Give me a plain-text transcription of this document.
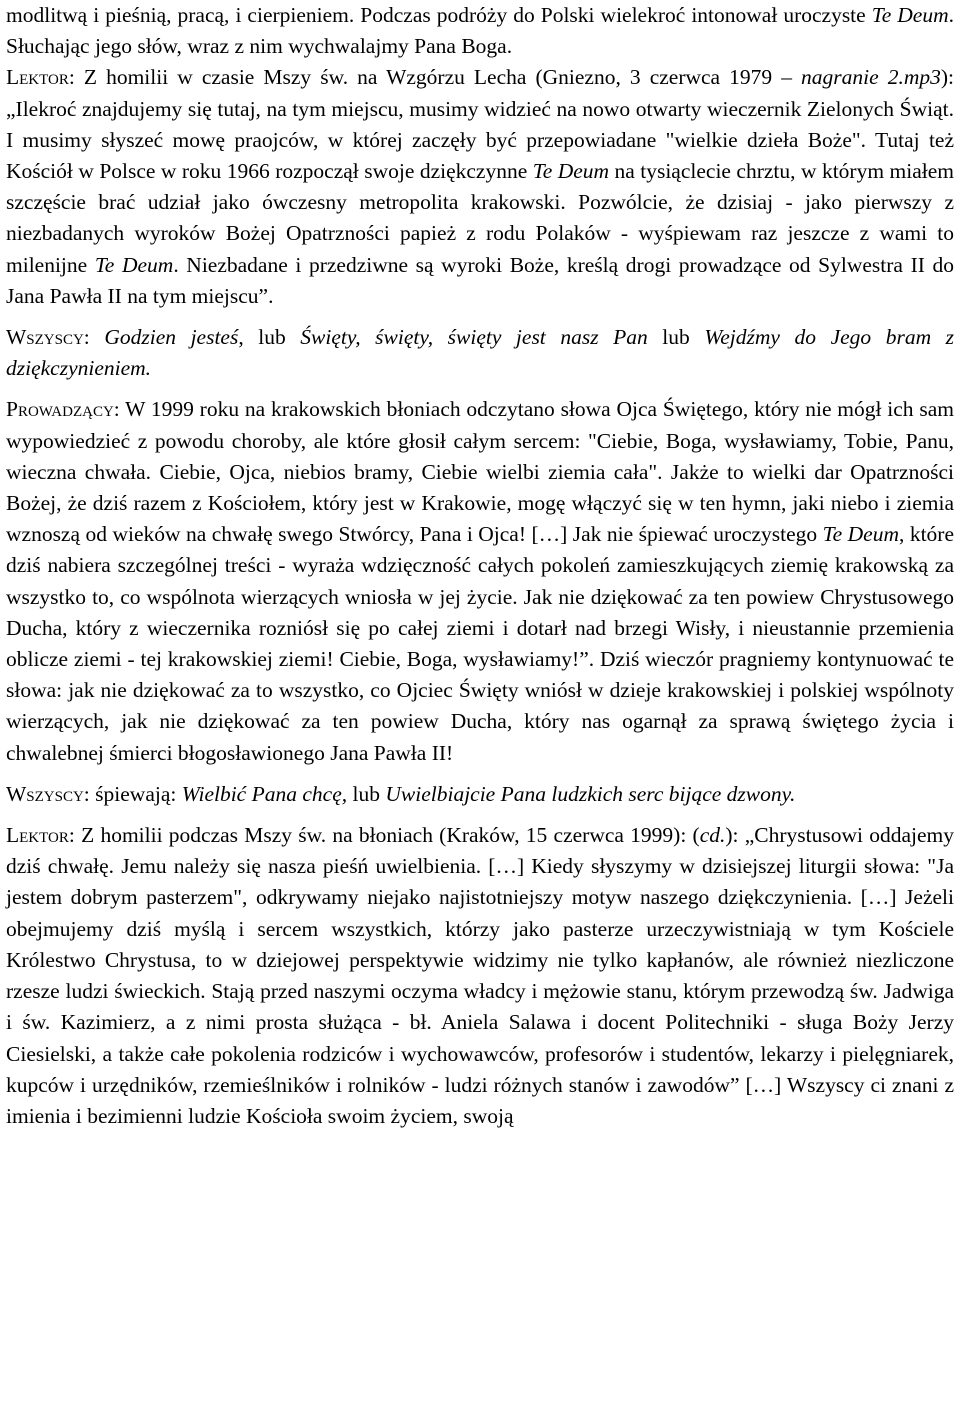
modlitwą i pieśnią, pracą, i cierpieniem. Podczas podróży do Polski wielekroć intonował uroczyste Te Deum. Słuchając jego słów, wraz z nim wychwalajmy Pana Boga.

Lektor: Z homilii w czasie Mszy św. na Wzgórzu Lecha (Gniezno, 3 czerwca 1979 – nagranie 2.mp3): „Ilekroć znajdujemy się tutaj, na tym miejscu, musimy widzieć na nowo otwarty wieczernik Zielonych Świąt. I musimy słyszeć mowę praojców, w której zaczęły być przepowiadane "wielkie dzieła Boże". Tutaj też Kościół w Polsce w roku 1966 rozpoczął swoje dziękczynne Te Deum na tysiąclecie chrztu, w którym miałem szczęście brać udział jako ówczesny metropolita krakowski. Pozwólcie, że dzisiaj - jako pierwszy z niezbadanych wyroków Bożej Opatrzności papież z rodu Polaków - wyśpiewam raz jeszcze z wami to milenijne Te Deum. Niezbadane i przedziwne są wyroki Boże, kreślą drogi prowadzące od Sylwestra II do Jana Pawła II na tym miejscu”.

Wszyscy: Godzien jesteś, lub Święty, święty, święty jest nasz Pan lub Wejdźmy do Jego bram z dziękczynieniem.

Prowadzący: W 1999 roku na krakowskich błoniach odczytano słowa Ojca Świętego, który nie mógł ich sam wypowiedzieć z powodu choroby, ale które głosił całym sercem: "Ciebie, Boga, wysławiamy, Tobie, Panu, wieczna chwała. Ciebie, Ojca, niebios bramy, Ciebie wielbi ziemia cała". Jakże to wielki dar Opatrzności Bożej, że dziś razem z Kościołem, który jest w Krakowie, mogę włączyć się w ten hymn, jaki niebo i ziemia wznoszą od wieków na chwałę swego Stwórcy, Pana i Ojca! […] Jak nie śpiewać uroczystego Te Deum, które dziś nabiera szczególnej treści - wyraża wdzięczność całych pokoleń zamieszkujących ziemię krakowską za wszystko to, co wspólnota wierzących wniosła w jej życie. Jak nie dziękować za ten powiew Chrystusowego Ducha, który z wieczernika rozniósł się po całej ziemi i dotarł nad brzegi Wisły, i nieustannie przemienia oblicze ziemi - tej krakowskiej ziemi! Ciebie, Boga, wysławiamy!”. Dziś wieczór pragniemy kontynuować te słowa: jak nie dziękować za to wszystko, co Ojciec Święty wniósł w dzieje krakowskiej i polskiej wspólnoty wierzących, jak nie dziękować za ten powiew Ducha, który nas ogarnął za sprawą świętego życia i chwalebnej śmierci błogosławionego Jana Pawła II!

Wszyscy: śpiewają: Wielbić Pana chcę, lub Uwielbiajcie Pana ludzkich serc bijące dzwony.

Lektor: Z homilii podczas Mszy św. na błoniach (Kraków, 15 czerwca 1999): (cd.): „Chrystusowi oddajemy dziś chwałę. Jemu należy się nasza pieśń uwielbienia. […] Kiedy słyszymy w dzisiejszej liturgii słowa: "Ja jestem dobrym pasterzem", odkrywamy niejako najistotniejszy motyw naszego dziękczynienia. […] Jeżeli obejmujemy dziś myślą i sercem wszystkich, którzy jako pasterze urzeczywistniają w tym Kościele Królestwo Chrystusa, to w dziejowej perspektywie widzimy nie tylko kapłanów, ale również niezliczone rzesze ludzi świeckich. Stają przed naszymi oczyma władcy i mężowie stanu, którym przewodzą św. Jadwiga i św. Kazimierz, a z nimi prosta służąca - bł. Aniela Salawa i docent Politechniki - sługa Boży Jerzy Ciesielski, a także całe pokolenia rodziców i wychowawców, profesorów i studentów, lekarzy i pielęgniarek, kupców i urzędników, rzemieślników i rolników - ludzi różnych stanów i zawodów” […] Wszyscy ci znani z imienia i bezimienni ludzie Kościoła swoim życiem, swoją
